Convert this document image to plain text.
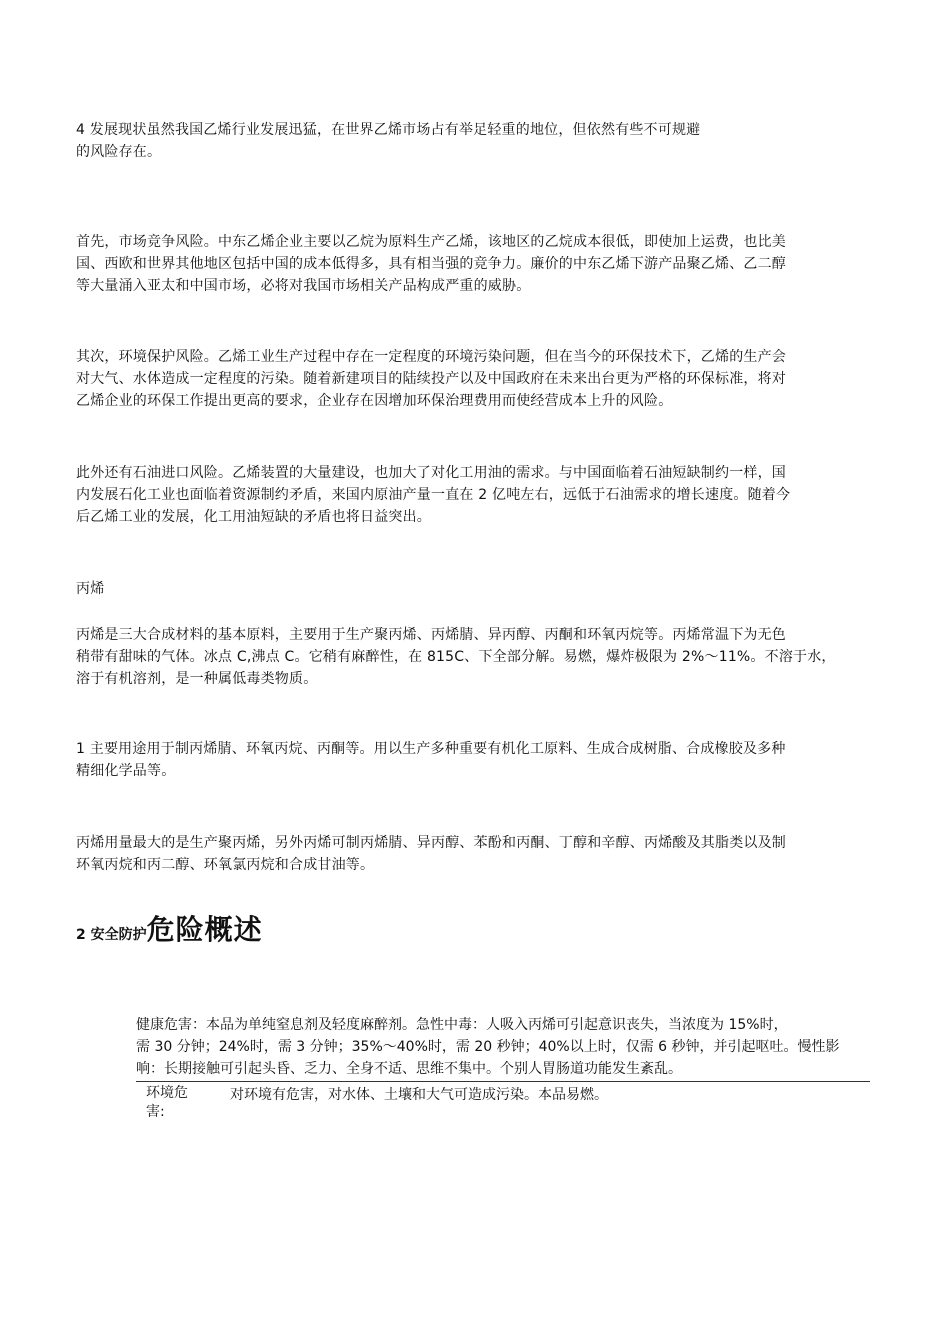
4 发展现状虽然我国乙烯行业发展迅猛，在世界乙烯市场占有举足轻重的地位，但依然有些不可规避
的风险存在。

首先，市场竞争风险。中东乙烯企业主要以乙烷为原料生产乙烯，该地区的乙烷成本很低，即使加上运费，也比美
国、西欧和世界其他地区包括中国的成本低得多，具有相当强的竞争力。廉价的中东乙烯下游产品聚乙烯、乙二醇
等大量涌入亚太和中国市场，必将对我国市场相关产品构成严重的威胁。

其次，环境保护风险。乙烯工业生产过程中存在一定程度的环境污染问题，但在当今的环保技术下，乙烯的生产会
对大气、水体造成一定程度的污染。随着新建项目的陆续投产以及中国政府在未来出台更为严格的环保标准，将对
乙烯企业的环保工作提出更高的要求，企业存在因增加环保治理费用而使经营成本上升的风险。

此外还有石油进口风险。乙烯装置的大量建设，也加大了对化工用油的需求。与中国面临着石油短缺制约一样，国
内发展石化工业也面临着资源制约矛盾，来国内原油产量一直在 2 亿吨左右，远低于石油需求的增长速度。随着今
后乙烯工业的发展，化工用油短缺的矛盾也将日益突出。

丙烯

丙烯是三大合成材料的基本原料，主要用于生产聚丙烯、丙烯腈、异丙醇、丙酮和环氧丙烷等。丙烯常温下为无色
稍带有甜味的气体。冰点 C,沸点 C。它稍有麻醉性，在 815C、下全部分解。易燃，爆炸极限为 2%〜11%。不溶于水，
溶于有机溶剂，是一种属低毒类物质。

1 主要用途用于制丙烯腈、环氧丙烷、丙酮等。用以生产多种重要有机化工原料、生成合成树脂、合成橡胶及多种
精细化学品等。

丙烯用量最大的是生产聚丙烯，另外丙烯可制丙烯腈、异丙醇、苯酚和丙酮、丁醇和辛醇、丙烯酸及其脂类以及制
环氧丙烷和丙二醇、环氧氯丙烷和合成甘油等。

2 安全防护危险概述

健康危害：本品为单纯窒息剂及轻度麻醉剂。急性中毒：人吸入丙烯可引起意识丧失，当浓度为 15%时，
需 30 分钟；24%时，需 3 分钟；35%〜40%时，需 20 秒钟；40%以上时，仅需 6 秒钟，并引起呕吐。慢性影
响：长期接触可引起头昏、乏力、全身不适、思维不集中。个别人胃肠道功能发生紊乱。

环境危
害:

对环境有危害，对水体、土壤和大气可造成污染。本品易燃。
